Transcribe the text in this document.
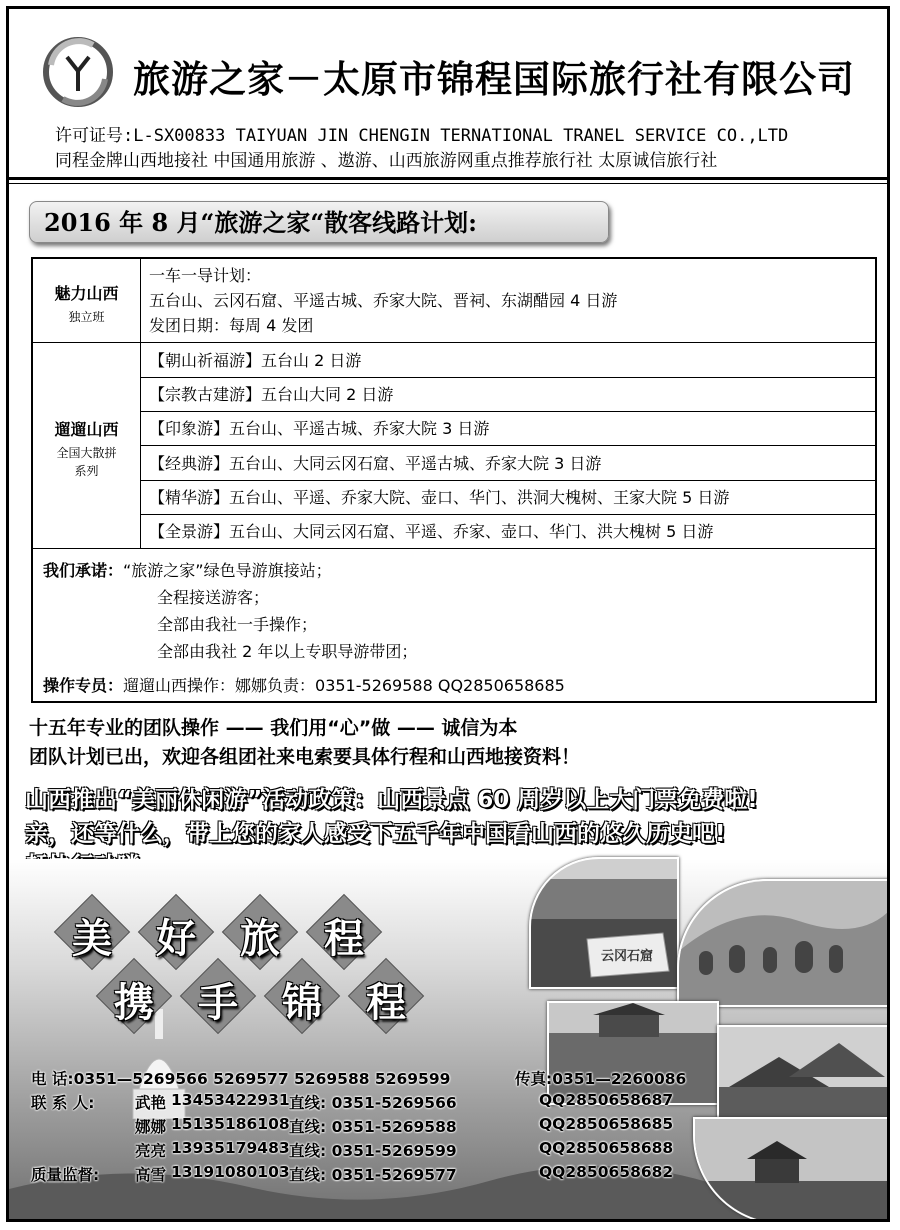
旅游之家－太原市锦程国际旅行社有限公司
许可证号:L-SX00833 TAIYUAN JIN CHENGIN TERNATIONAL TRANEL SERVICE CO.,LTD
同程金牌山西地接社 中国通用旅游 、遨游、山西旅游网重点推荐旅行社 太原诚信旅行社
2016 年 8 月“旅游之家“散客线路计划:
魅力山西
独立班
一车一导计划：
五台山、云冈石窟、平遥古城、乔家大院、晋祠、东湖醋园 4 日游
发团日期：每周 4 发团
遛遛山西
全国大散拼
系列
【朝山祈福游】五台山 2 日游
【宗教古建游】五台山大同 2 日游
【印象游】五台山、平遥古城、乔家大院 3 日游
【经典游】五台山、大同云冈石窟、平遥古城、乔家大院 3 日游
【精华游】五台山、平遥、乔家大院、壶口、华门、洪洞大槐树、王家大院 5 日游
【全景游】五台山、大同云冈石窟、平遥、乔家、壶口、华门、洪大槐树 5 日游
我们承诺：“旅游之家”绿色导游旗接站；
全程接送游客；
全部由我社一手操作；
全部由我社 2 年以上专职导游带团；
操作专员：遛遛山西操作：娜娜负责：0351-5269588 QQ2850658685
十五年专业的团队操作 —— 我们用“心”做 —— 诚信为本
团队计划已出，欢迎各组团社来电索要具体行程和山西地接资料！
山西推出“美丽休闲游”活动政策：山西景点 60 周岁以上大门票免费啦!
亲，还等什么，带上您的家人感受下五千年中国看山西的悠久历史吧!
美	好	旅	程
携	手	锦	程
云冈石窟
电 话:0351—5269566 5269577 5269588 5269599	传真:0351—2260086
联 系 人:
质量监督:
武艳 13453422931 直线: 0351-5269566	QQ2850658687
娜娜 15135186108 直线: 0351-5269588	QQ2850658685
亮亮 13935179483 直线: 0351-5269599	QQ2850658688
高雪 13191080103 直线: 0351-5269577	QQ2850658682
